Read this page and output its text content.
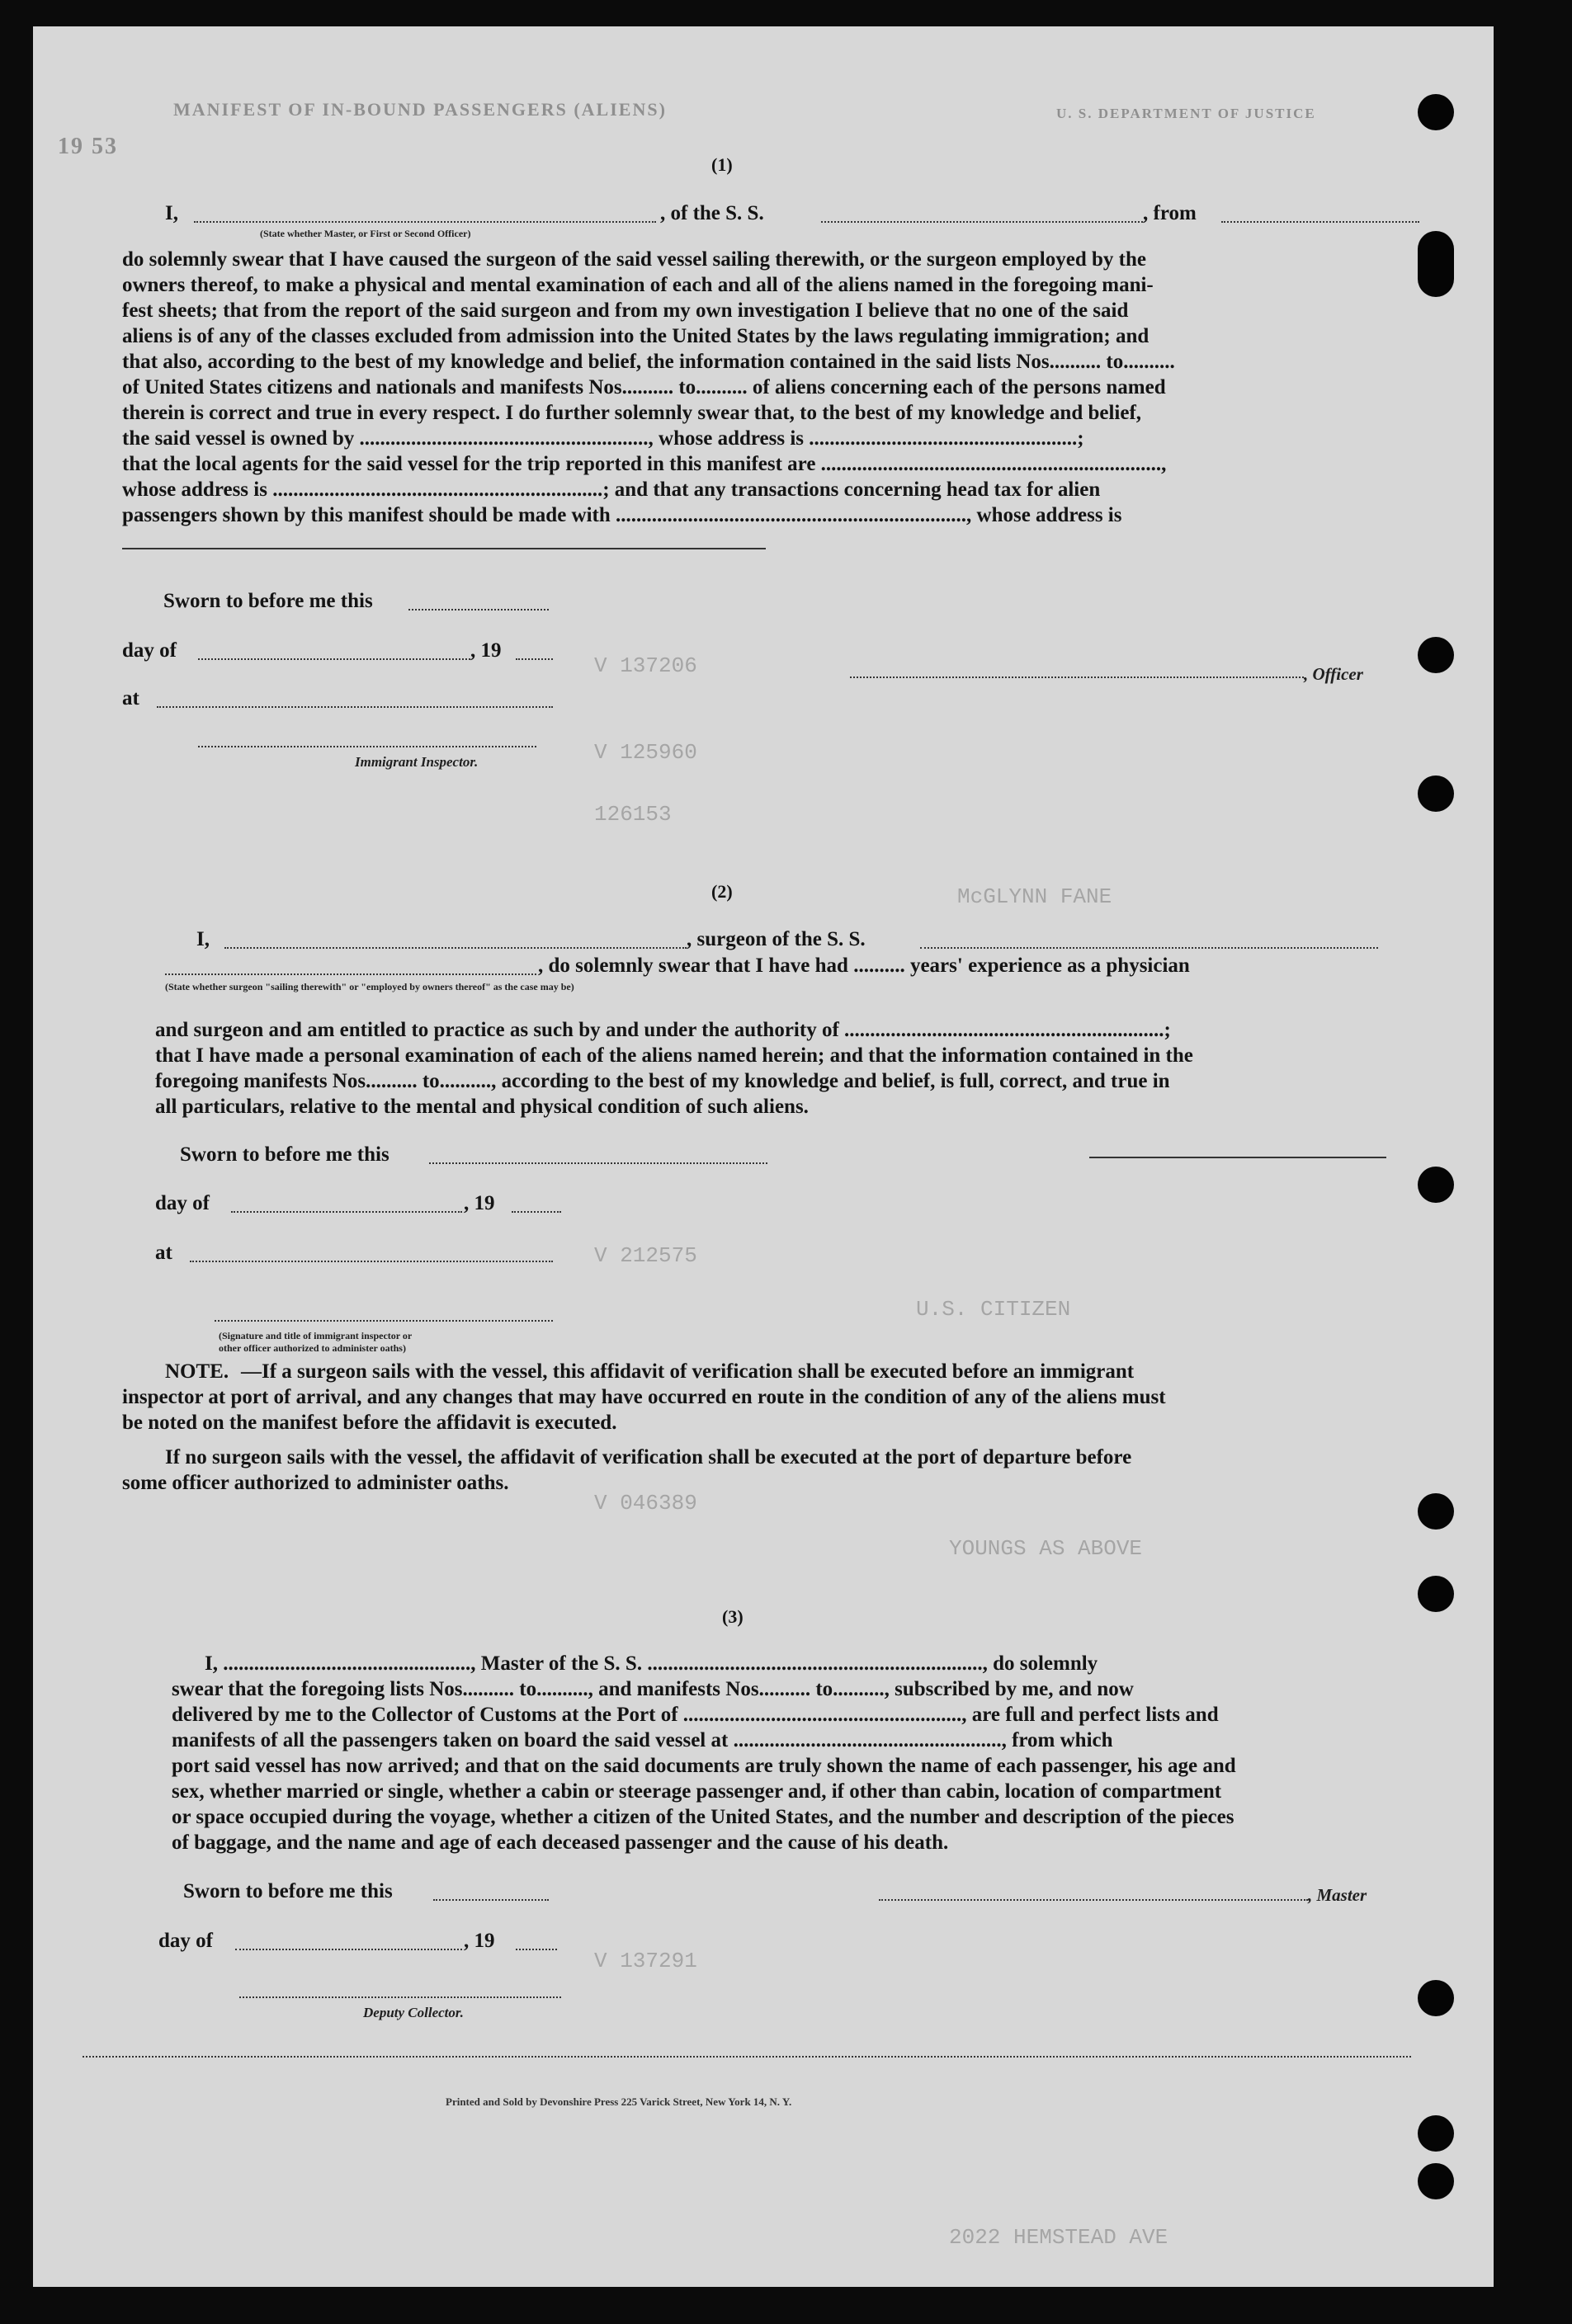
MANIFEST OF IN-BOUND PASSENGERS (ALIENS)	U. S. DEPARTMENT OF JUSTICE
19 53
V 137206
V 125960
126153
McGLYNN FANE
V 212575
U.S. CITIZEN
V 046389
YOUNGS AS ABOVE
V 137291
2022 HEMSTEAD AVE
(1)
I,	, of the S. S.	, from
(State whether Master, or First or Second Officer)
do solemnly swear that I have caused the surgeon of the said vessel sailing therewith, or the surgeon employed by the
owners thereof, to make a physical and mental examination of each and all of the aliens named in the foregoing mani-
fest sheets; that from the report of the said surgeon and from my own investigation I believe that no one of the said
aliens is of any of the classes excluded from admission into the United States by the laws regulating immigration; and
that also, according to the best of my knowledge and belief, the information contained in the said lists Nos.......... to..........
of United States citizens and nationals and manifests Nos.......... to.......... of aliens concerning each of the persons named
therein is correct and true in every respect. I do further solemnly swear that, to the best of my knowledge and belief,
the said vessel is owned by ........................................................, whose address is ....................................................;
that the local agents for the said vessel for the trip reported in this manifest are ..................................................................,
whose address is ................................................................; and that any transactions concerning head tax for alien
passengers shown by this manifest should be made with ...................................................................., whose address is
Sworn to before me this
day of	, 19
at
, Officer
Immigrant Inspector.
(2)
I,	, surgeon of the S. S.
, do solemnly swear that I have had .......... years' experience as a physician
(State whether surgeon "sailing therewith" or "employed by owners thereof" as the case may be)
and surgeon and am entitled to practice as such by and under the authority of ..............................................................;
that I have made a personal examination of each of the aliens named herein; and that the information contained in the
foregoing manifests Nos.......... to.........., according to the best of my knowledge and belief, is full, correct, and true in
all particulars, relative to the mental and physical condition of such aliens.
Sworn to before me this
day of	, 19
at
(Signature and title of immigrant inspector or
other officer authorized to administer oaths)
NOTE. —If a surgeon sails with the vessel, this affidavit of verification shall be executed before an immigrant
inspector at port of arrival, and any changes that may have occurred en route in the condition of any of the aliens must
be noted on the manifest before the affidavit is executed.
If no surgeon sails with the vessel, the affidavit of verification shall be executed at the port of departure before
some officer authorized to administer oaths.
(3)
I, ................................................, Master of the S. S. ................................................................., do solemnly
swear that the foregoing lists Nos.......... to.........., and manifests Nos.......... to.........., subscribed by me, and now
delivered by me to the Collector of Customs at the Port of ......................................................, are full and perfect lists and
manifests of all the passengers taken on board the said vessel at ...................................................., from which
port said vessel has now arrived; and that on the said documents are truly shown the name of each passenger, his age and
sex, whether married or single, whether a cabin or steerage passenger and, if other than cabin, location of compartment
or space occupied during the voyage, whether a citizen of the United States, and the number and description of the pieces
of baggage, and the name and age of each deceased passenger and the cause of his death.
Sworn to before me this	, Master
day of	, 19
Deputy Collector.
Printed and Sold by Devonshire Press 225 Varick Street, New York 14, N. Y.
